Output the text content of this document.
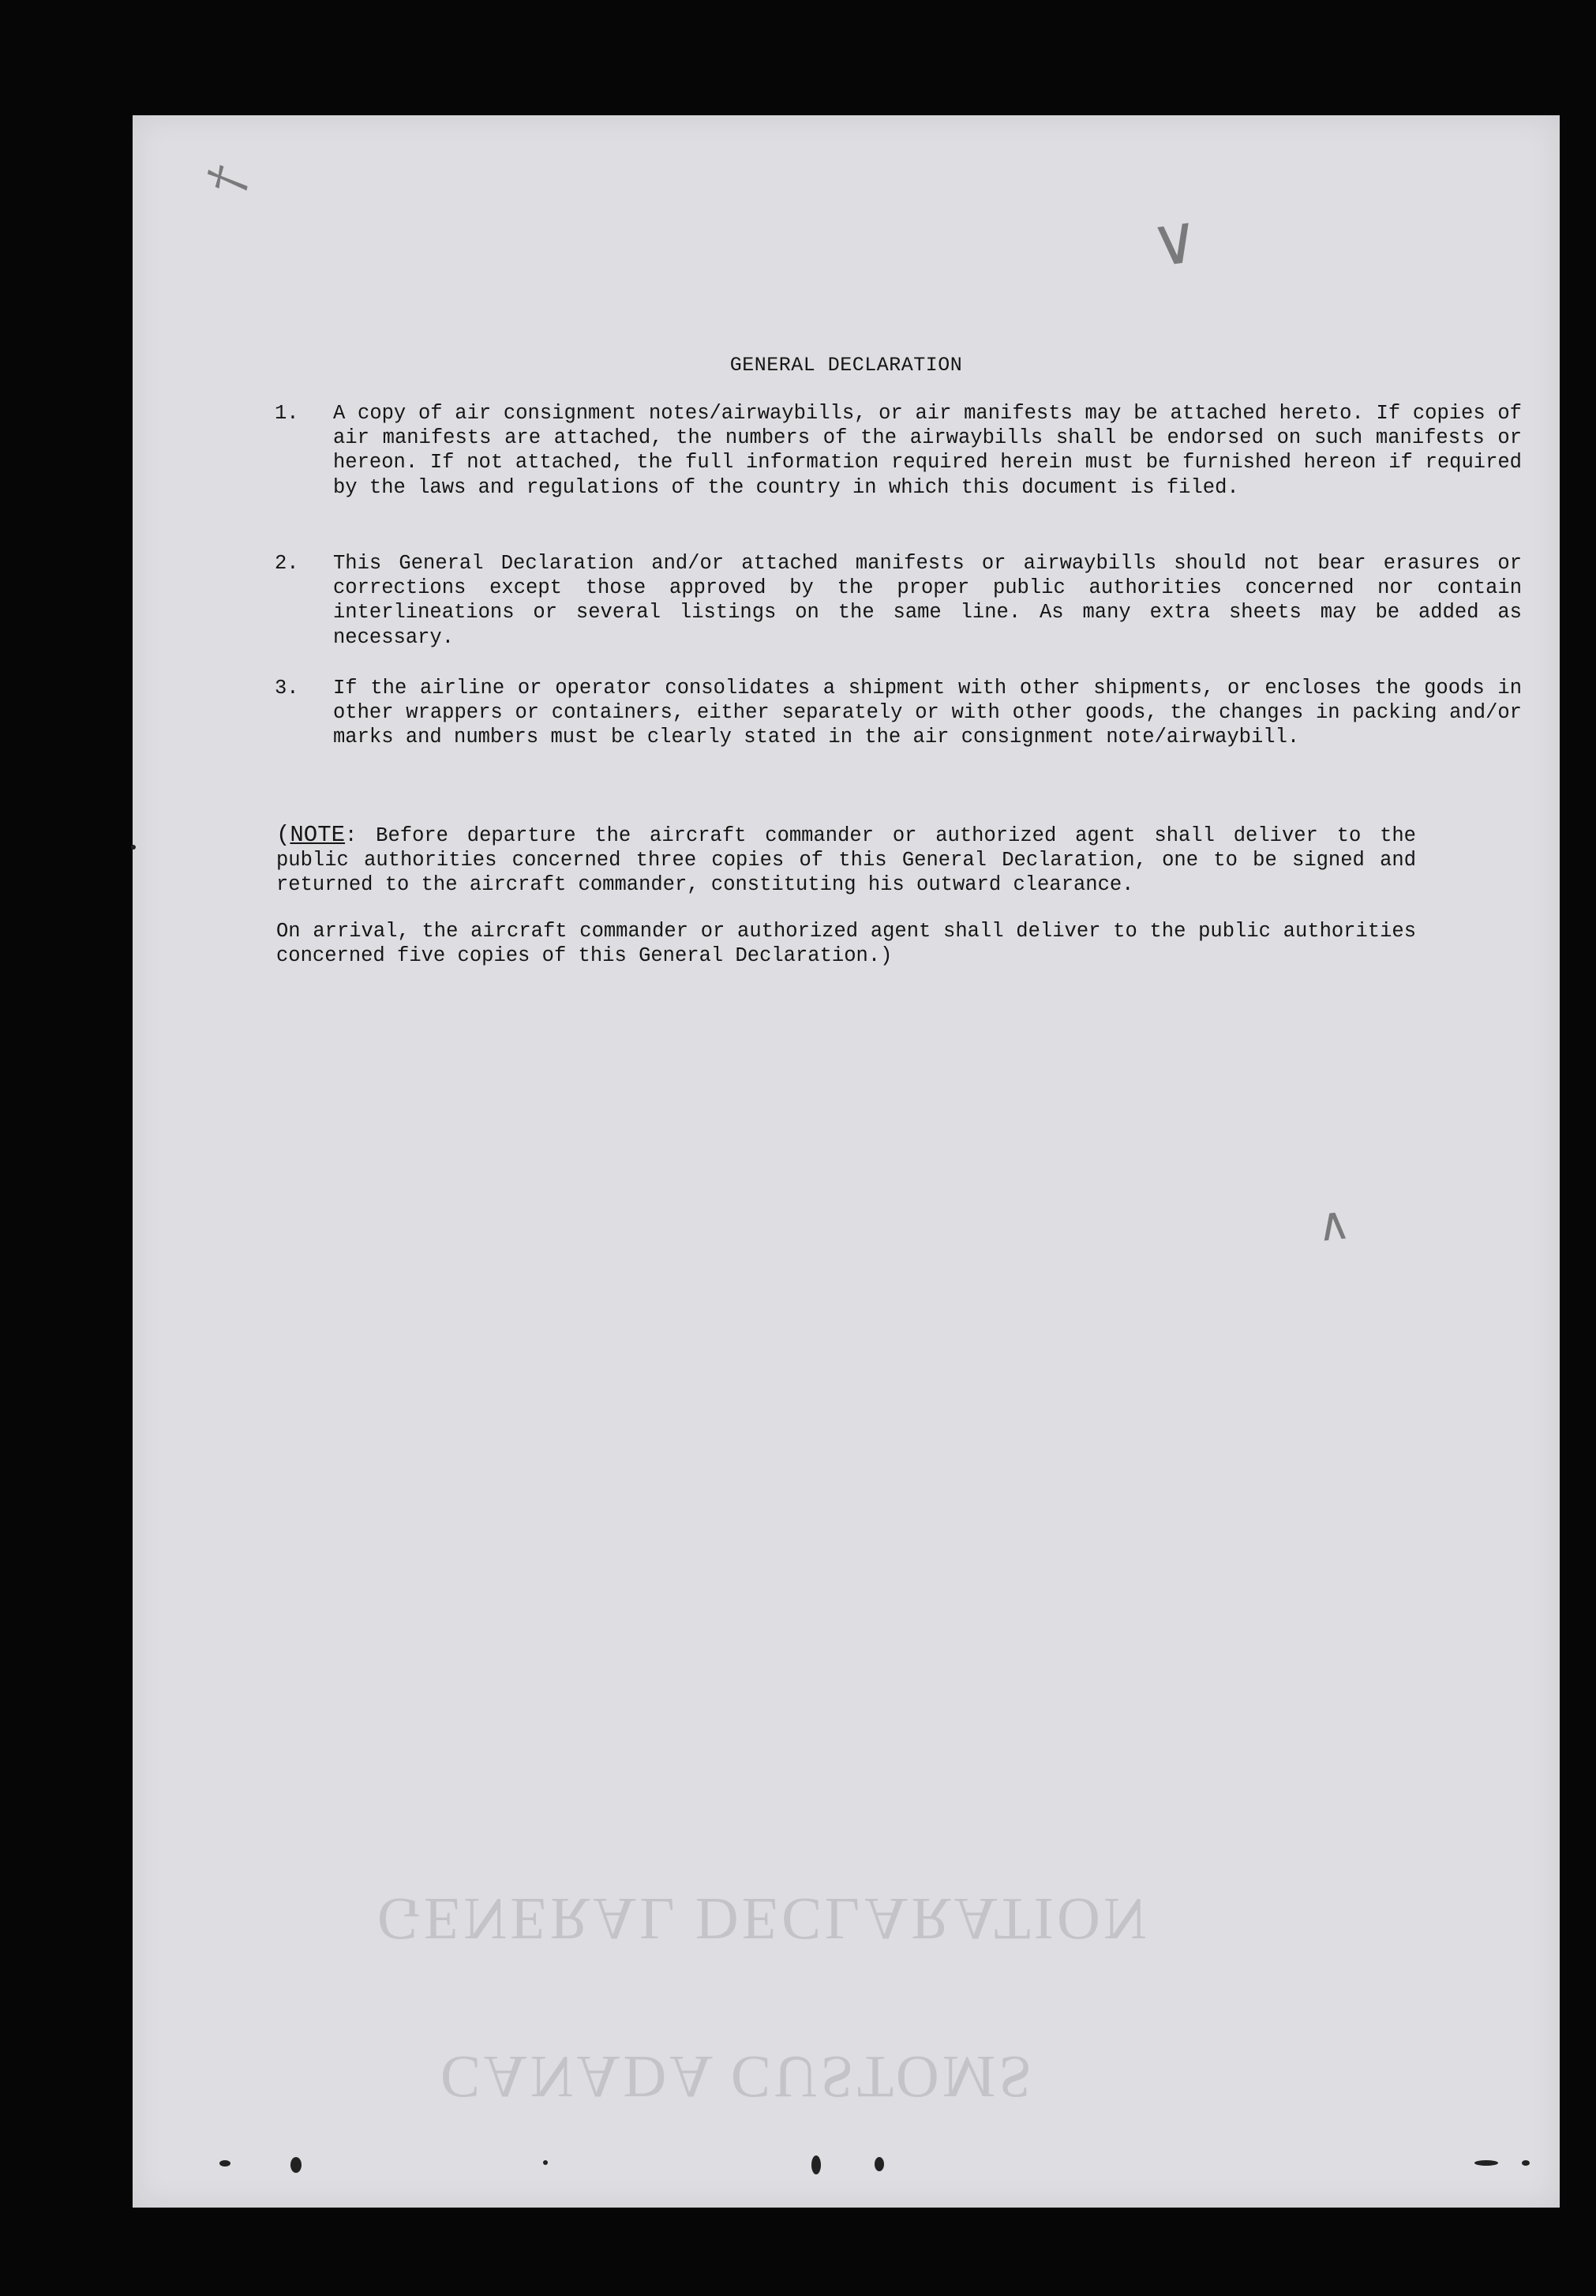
CANADA CUSTOMS
GENERAL DECLARATION
†
∨
∧
GENERAL DECLARATION
1. A copy of air consignment notes/airwaybills, or air manifests may be attached hereto. If copies of air manifests are attached, the numbers of the airwaybills shall be endorsed on such manifests or hereon. If not attached, the full information required herein must be furnished hereon if required by the laws and regulations of the country in which this document is filed.
2. This General Declaration and/or attached manifests or airwaybills should not bear erasures or corrections except those approved by the proper public authorities concerned nor contain interlineations or several listings on the same line. As many extra sheets may be added as necessary.
3. If the airline or operator consolidates a shipment with other shipments, or encloses the goods in other wrappers or containers, either separately or with other goods, the changes in packing and/or marks and numbers must be clearly stated in the air consignment note/airwaybill.
(NOTE: Before departure the aircraft commander or authorized agent shall deliver to the public authorities concerned three copies of this General Declaration, one to be signed and returned to the aircraft commander, constituting his outward clearance.
On arrival, the aircraft commander or authorized agent shall deliver to the public authorities concerned five copies of this General Declaration.)
